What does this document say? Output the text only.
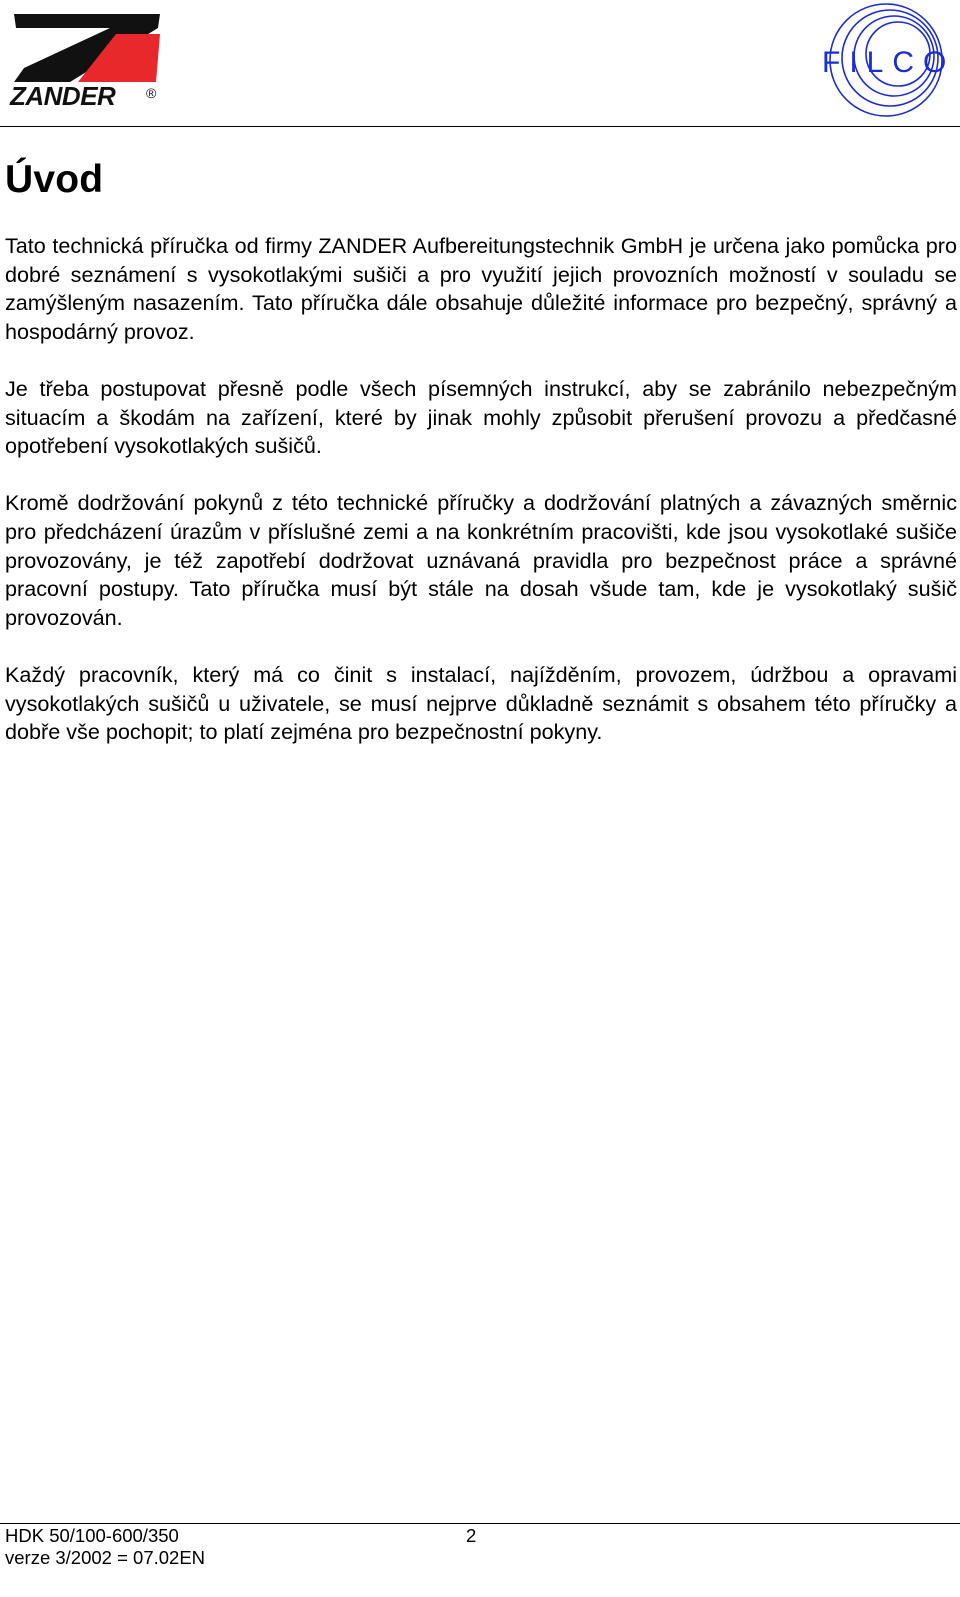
ZANDER ®
FILCO
Úvod

Tato technická příručka od firmy ZANDER Aufbereitungstechnik GmbH je určena jako pomůcka pro dobré seznámení s vysokotlakými sušiči a pro využití jejich provozních možností v souladu se zamýšleným nasazením. Tato příručka dále obsahuje důležité informace pro bezpečný, správný a hospodárný provoz.

Je třeba postupovat přesně podle všech písemných instrukcí, aby se zabránilo nebezpečným situacím a škodám na zařízení, které by jinak mohly způsobit přerušení provozu a předčasné opotřebení vysokotlakých sušičů.

Kromě dodržování pokynů z této technické příručky a dodržování platných a závazných směrnic pro předcházení úrazům v příslušné zemi a na konkrétním pracovišti, kde jsou vysokotlaké sušiče provozovány, je též zapotřebí dodržovat uznávaná pravidla pro bezpečnost práce a správné pracovní postupy. Tato příručka musí být stále na dosah všude tam, kde je vysokotlaký sušič provozován.

Každý pracovník, který má co činit s instalací, najížděním, provozem, údržbou a opravami vysokotlakých sušičů u uživatele, se musí nejprve důkladně seznámit s obsahem této příručky a dobře vše pochopit; to platí zejména pro bezpečnostní pokyny.

HDK 50/100-600/350
verze 3/2002 = 07.02EN
2
